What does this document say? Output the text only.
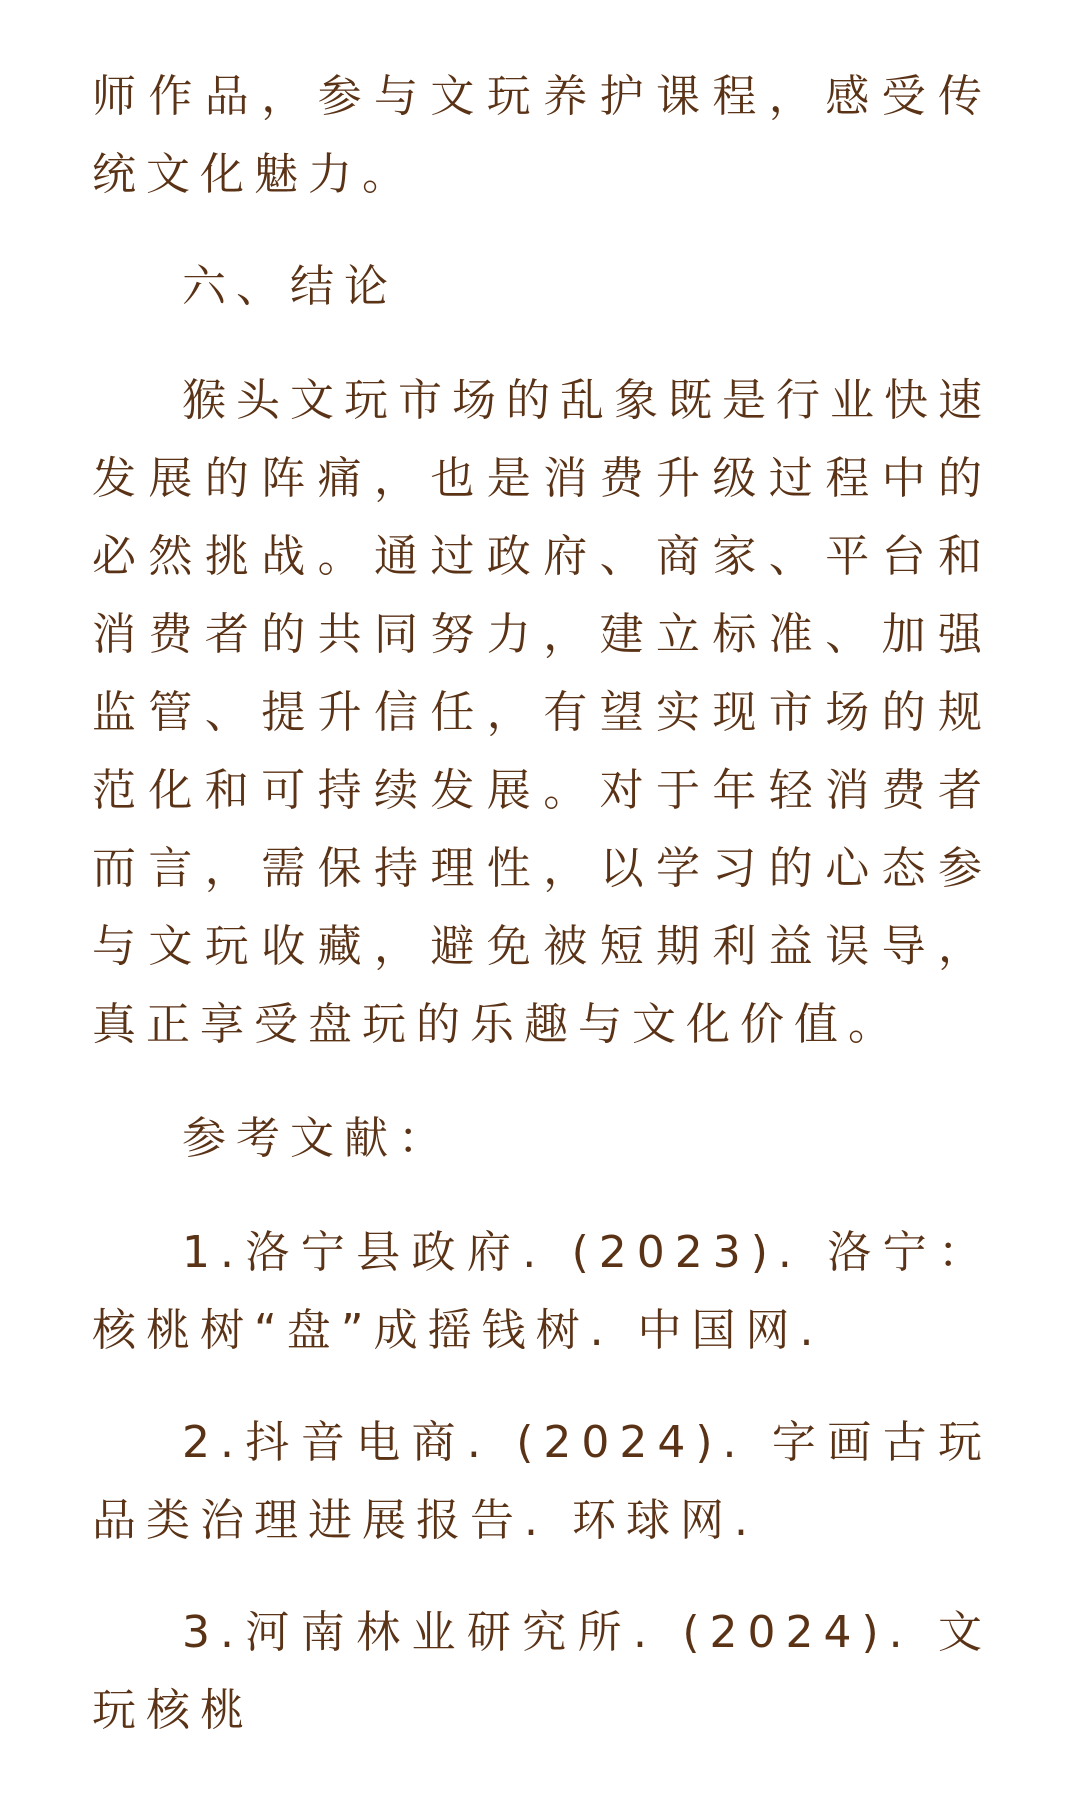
师作品，参与文玩养护课程，感受传统文化魅力。

六、结论

猴头文玩市场的乱象既是行业快速发展的阵痛，也是消费升级过程中的必然挑战。通过政府、商家、平台和消费者的共同努力，建立标准、加强监管、提升信任，有望实现市场的规范化和可持续发展。对于年轻消费者而言，需保持理性，以学习的心态参与文玩收藏，避免被短期利益误导，真正享受盘玩的乐趣与文化价值。

参考文献：

1.洛宁县政府. (2023). 洛宁：核桃树“盘”成摇钱树. 中国网.

2.抖音电商. (2024). 字画古玩品类治理进展报告. 环球网.

3.河南林业研究所. (2024). 文玩核桃
